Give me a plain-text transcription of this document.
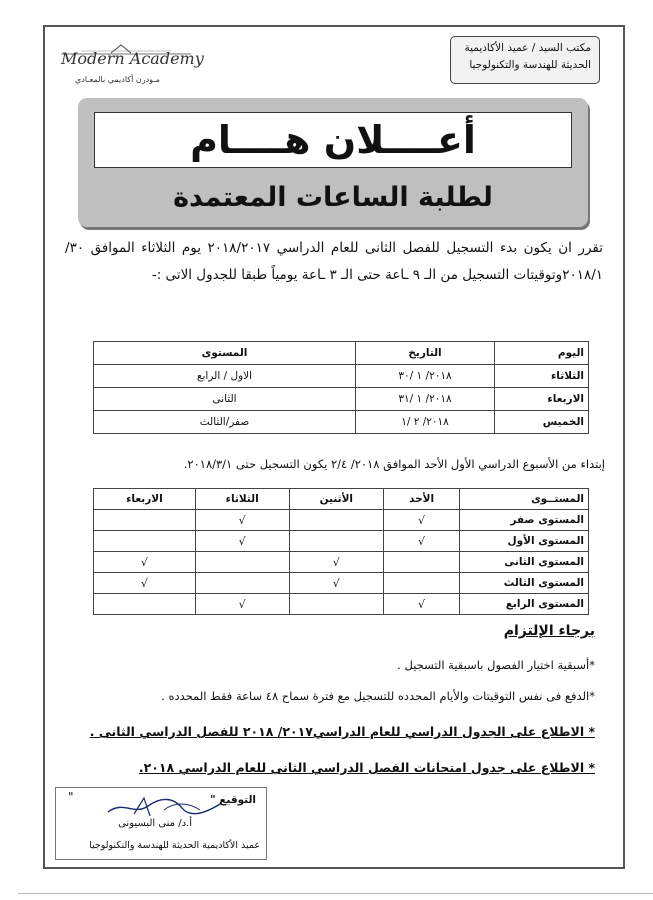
Modern Academy
مـودرن أكاديمي بالمعـادي
مكتب السيد / عميد الأكاديمية
الحديثة للهندسة والتكنولوجيا
أعــــلان هــــام
لطلبة الساعات المعتمدة
تقرر ان يكون بدء التسجيل للفصل الثانى للعام الدراسي ٢٠١٨/٢٠١٧ يوم الثلاثاء الموافق ٣٠/ ٢٠١٨/١وتوقيتات التسجيل من الـ ٩ ـاعة حتى الـ ٣ ـاعة يومياً طبقا للجدول الاتى :-
اليوم	التاريخ	المستوى
الثلاثاء	٢٠١٨/ ١ /٣٠	الاول / الرابع
الاربعاء	٢٠١٨/ ١ /٣١	الثانى
الخميس	٢٠١٨/ ٢ /١	صفر/الثالث
إبتداء من الأسبوع الدراسي الأول الأحد الموافق ٢٠١٨/ ٢/٤ يكون التسجيل حتى ٢٠١٨/٣/١.
المستــوى	الأحد	الأثنين	الثلاثاء	الاربعاء
المستوى صفر	√		√	
المستوى الأول	√		√	
المستوى الثانى		√		√
المستوى الثالث		√		√
المستوى الرابع	√		√	
برجاء الإلتزام
*أسبقية اختيار الفصول باسبقية التسجيل .
*الدفع فى نفس التوقيتات والأيام المحدده للتسجيل مع فترة سماح ٤٨ ساعة فقط المحدده .
* الاطلاع على الجدول الدراسي للعام الدراسي٢٠١٧/ ٢٠١٨ للفصل الدراسي الثانى .
* الاطلاع على جدول امتحانات الفصل الدراسي الثانى للعام الدراسي ٢٠١٨.
التوقيع "
"
أ.د/ منى البسيونى
عميد الأكاديمية الحديثة للهندسة والتكنولوجيا
